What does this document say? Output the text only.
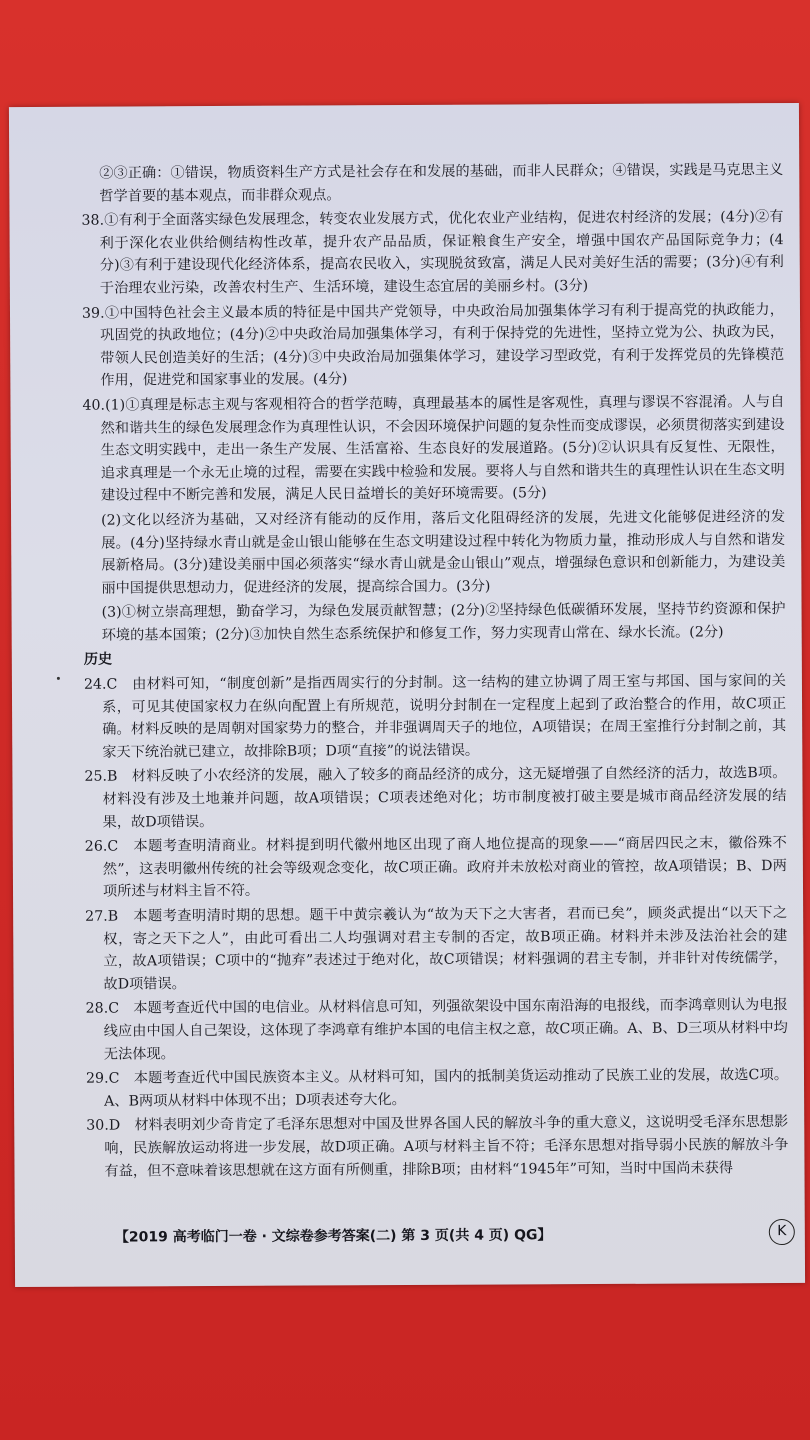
②③正确：①错误，物质资料生产方式是社会存在和发展的基础，而非人民群众；④错误，实践是马克思主义哲学首要的基本观点，而非群众观点。
38.①有利于全面落实绿色发展理念，转变农业发展方式，优化农业产业结构，促进农村经济的发展；(4分)②有利于深化农业供给侧结构性改革，提升农产品品质，保证粮食生产安全，增强中国农产品国际竞争力；(4分)③有利于建设现代化经济体系，提高农民收入，实现脱贫致富，满足人民对美好生活的需要；(3分)④有利于治理农业污染，改善农村生产、生活环境，建设生态宜居的美丽乡村。(3分)
39.①中国特色社会主义最本质的特征是中国共产党领导，中央政治局加强集体学习有利于提高党的执政能力，巩固党的执政地位；(4分)②中央政治局加强集体学习，有利于保持党的先进性，坚持立党为公、执政为民，带领人民创造美好的生活；(4分)③中央政治局加强集体学习，建设学习型政党，有利于发挥党员的先锋模范作用，促进党和国家事业的发展。(4分)
40.(1)①真理是标志主观与客观相符合的哲学范畴，真理最基本的属性是客观性，真理与谬误不容混淆。人与自然和谐共生的绿色发展理念作为真理性认识，不会因环境保护问题的复杂性而变成谬误，必须贯彻落实到建设生态文明实践中，走出一条生产发展、生活富裕、生态良好的发展道路。(5分)②认识具有反复性、无限性，追求真理是一个永无止境的过程，需要在实践中检验和发展。要将人与自然和谐共生的真理性认识在生态文明建设过程中不断完善和发展，满足人民日益增长的美好环境需要。(5分)
(2)文化以经济为基础，又对经济有能动的反作用，落后文化阻碍经济的发展，先进文化能够促进经济的发展。(4分)坚持绿水青山就是金山银山能够在生态文明建设过程中转化为物质力量，推动形成人与自然和谐发展新格局。(3分)建设美丽中国必须落实“绿水青山就是金山银山”观点，增强绿色意识和创新能力，为建设美丽中国提供思想动力，促进经济的发展，提高综合国力。(3分)
(3)①树立崇高理想，勤奋学习，为绿色发展贡献智慧；(2分)②坚持绿色低碳循环发展，坚持节约资源和保护环境的基本国策；(2分)③加快自然生态系统保护和修复工作，努力实现青山常在、绿水长流。(2分)
历史
24.C　 由材料可知，“制度创新”是指西周实行的分封制。这一结构的建立协调了周王室与邦国、国与家间的关系，可见其使国家权力在纵向配置上有所规范，说明分封制在一定程度上起到了政治整合的作用，故C项正确。材料反映的是周朝对国家势力的整合，并非强调周天子的地位，A项错误；在周王室推行分封制之前，其家天下统治就已建立，故排除B项；D项“直接”的说法错误。
25.B　 材料反映了小农经济的发展，融入了较多的商品经济的成分，这无疑增强了自然经济的活力，故选B项。材料没有涉及土地兼并问题，故A项错误；C项表述绝对化；坊市制度被打破主要是城市商品经济发展的结果，故D项错误。
26.C　 本题考查明清商业。材料提到明代徽州地区出现了商人地位提高的现象——“商居四民之末，徽俗殊不然”，这表明徽州传统的社会等级观念变化，故C项正确。政府并未放松对商业的管控，故A项错误；B、D两项所述与材料主旨不符。
27.B　 本题考查明清时期的思想。题干中黄宗羲认为“故为天下之大害者，君而已矣”，顾炎武提出“以天下之权，寄之天下之人”，由此可看出二人均强调对君主专制的否定，故B项正确。材料并未涉及法治社会的建立，故A项错误；C项中的“抛弃”表述过于绝对化，故C项错误；材料强调的君主专制，并非针对传统儒学，故D项错误。
28.C　 本题考查近代中国的电信业。从材料信息可知，列强欲架设中国东南沿海的电报线，而李鸿章则认为电报线应由中国人自己架设，这体现了李鸿章有维护本国的电信主权之意，故C项正确。A、B、D三项从材料中均无法体现。
29.C　 本题考查近代中国民族资本主义。从材料可知，国内的抵制美货运动推动了民族工业的发展，故选C项。A、B两项从材料中体现不出；D项表述夸大化。
30.D　 材料表明刘少奇肯定了毛泽东思想对中国及世界各国人民的解放斗争的重大意义，这说明受毛泽东思想影响，民族解放运动将进一步发展，故D项正确。A项与材料主旨不符；毛泽东思想对指导弱小民族的解放斗争有益，但不意味着该思想就在这方面有所侧重，排除B项；由材料“1945年”可知，当时中国尚未获得
【2019 高考临门一卷 · 文综卷参考答案(二) 第 3 页(共 4 页) QG】	K
